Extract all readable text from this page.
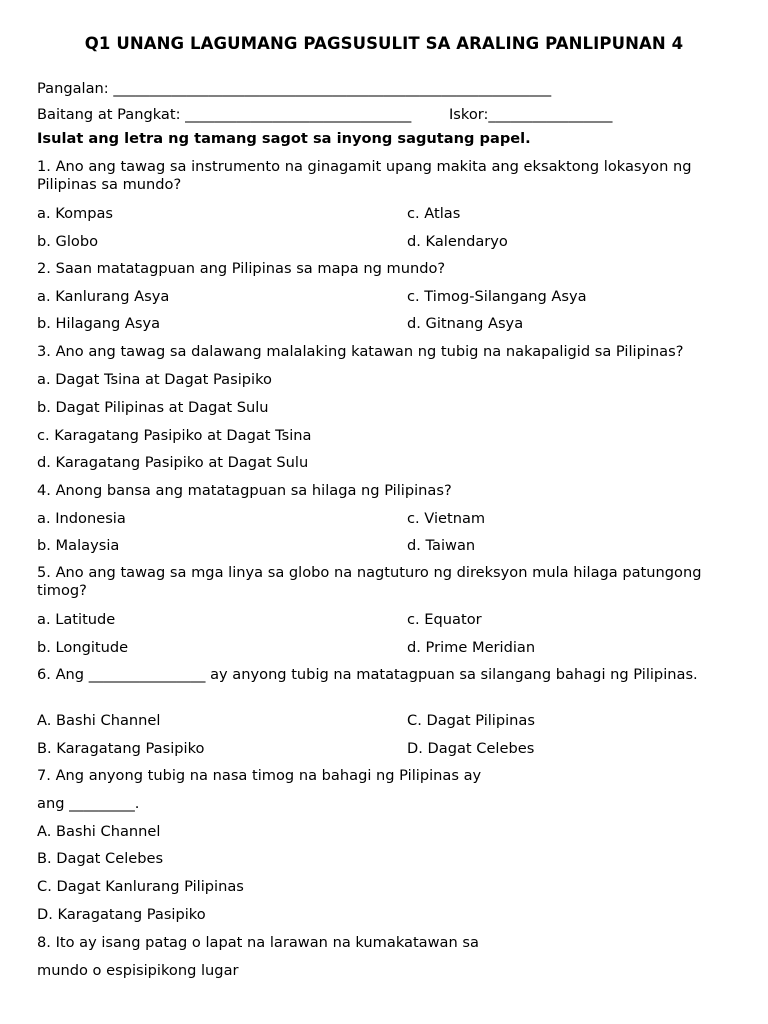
Q1 UNANG LAGUMANG PAGSUSULIT SA ARALING PANLIPUNAN 4
Pangalan: ____________________________________________________________
Baitang at Pangkat: _______________________________	Iskor:_________________
Isulat ang letra ng tamang sagot sa inyong sagutang papel.
1. Ano ang tawag sa instrumento na ginagamit upang makita ang eksaktong lokasyon ng Pilipinas sa mundo?
a. Kompas	c. Atlas
b. Globo	d. Kalendaryo
2. Saan matatagpuan ang Pilipinas sa mapa ng mundo?
a. Kanlurang Asya	c. Timog-Silangang Asya
b. Hilagang Asya	d. Gitnang Asya
3. Ano ang tawag sa dalawang malalaking katawan ng tubig na nakapaligid sa Pilipinas?
a. Dagat Tsina at Dagat Pasipiko
b. Dagat Pilipinas at Dagat Sulu
c. Karagatang Pasipiko at Dagat Tsina
d. Karagatang Pasipiko at Dagat Sulu
4. Anong bansa ang matatagpuan sa hilaga ng Pilipinas?
a. Indonesia	c. Vietnam
b. Malaysia	d. Taiwan
5. Ano ang tawag sa mga linya sa globo na nagtuturo ng direksyon mula hilaga patungong timog?
a. Latitude	c. Equator
b. Longitude	d. Prime Meridian
6. Ang ________________ ay anyong tubig na matatagpuan sa silangang bahagi ng Pilipinas.
A. Bashi Channel	C. Dagat Pilipinas
B. Karagatang Pasipiko	D. Dagat Celebes
7. Ang anyong tubig na nasa timog na bahagi ng Pilipinas ay
ang _________.
A. Bashi Channel
B. Dagat Celebes
C. Dagat Kanlurang Pilipinas
D. Karagatang Pasipiko
8. Ito ay isang patag o lapat na larawan na kumakatawan sa
mundo o espisipikong lugar
